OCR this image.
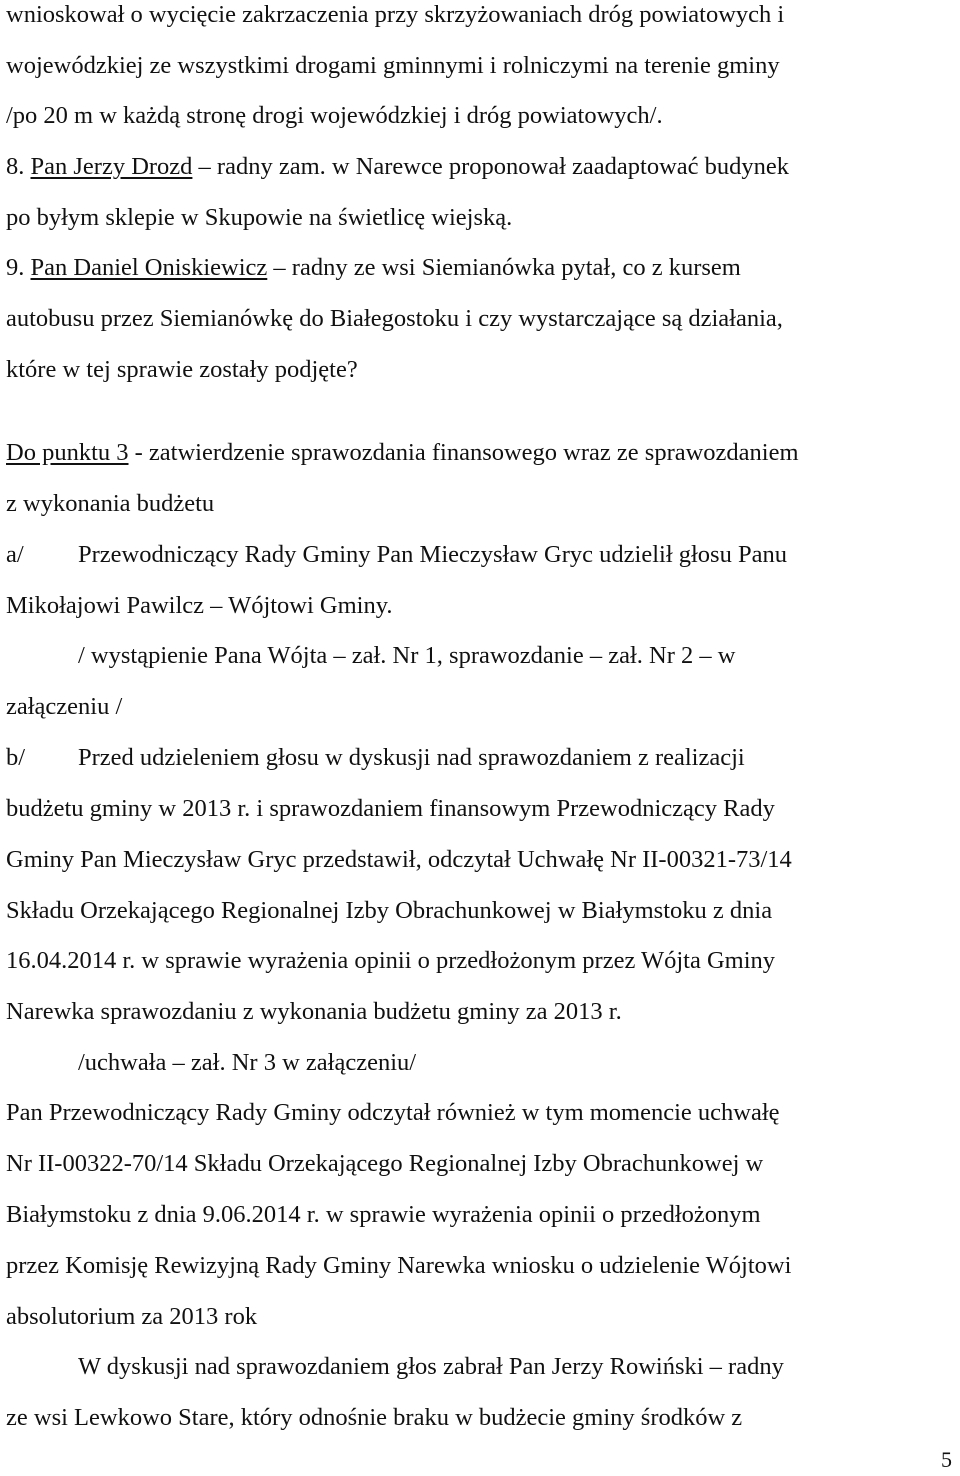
wnioskował o wycięcie zakrzaczenia przy skrzyżowaniach dróg powiatowych i
wojewódzkiej ze wszystkimi drogami gminnymi i rolniczymi na terenie gminy
/po 20 m w każdą stronę drogi wojewódzkiej i dróg powiatowych/.
8. Pan Jerzy Drozd – radny zam. w Narewce proponował zaadaptować budynek
po byłym sklepie w Skupowie na świetlicę wiejską.
9. Pan Daniel Oniskiewicz – radny ze wsi Siemianówka pytał, co z kursem
autobusu przez Siemianówkę do Białegostoku i czy wystarczające są działania,
które w tej sprawie zostały podjęte?
Do punktu 3 - zatwierdzenie sprawozdania finansowego wraz ze sprawozdaniem
z wykonania budżetu
a/ Przewodniczący Rady Gminy Pan Mieczysław Gryc udzielił głosu Panu
Mikołajowi Pawilcz – Wójtowi Gminy.
/ wystąpienie Pana Wójta – zał. Nr 1, sprawozdanie – zał. Nr 2 – w
załączeniu /
b/ Przed udzieleniem głosu w dyskusji nad sprawozdaniem z realizacji
budżetu gminy w 2013 r. i sprawozdaniem finansowym Przewodniczący Rady
Gminy Pan Mieczysław Gryc przedstawił, odczytał Uchwałę Nr II-00321-73/14
Składu Orzekającego Regionalnej Izby Obrachunkowej w Białymstoku z dnia
16.04.2014 r. w sprawie wyrażenia opinii o przedłożonym przez Wójta Gminy
Narewka sprawozdaniu z wykonania budżetu gminy za 2013 r.
/uchwała – zał. Nr 3 w załączeniu/
Pan Przewodniczący Rady Gminy odczytał również w tym momencie uchwałę
Nr II-00322-70/14 Składu Orzekającego Regionalnej Izby Obrachunkowej w
Białymstoku z dnia 9.06.2014 r. w sprawie wyrażenia opinii o przedłożonym
przez Komisję Rewizyjną Rady Gminy Narewka wniosku o udzielenie Wójtowi
absolutorium za 2013 rok
W dyskusji nad sprawozdaniem głos zabrał Pan Jerzy Rowiński – radny
ze wsi Lewkowo Stare, który odnośnie braku w budżecie gminy środków z
5
